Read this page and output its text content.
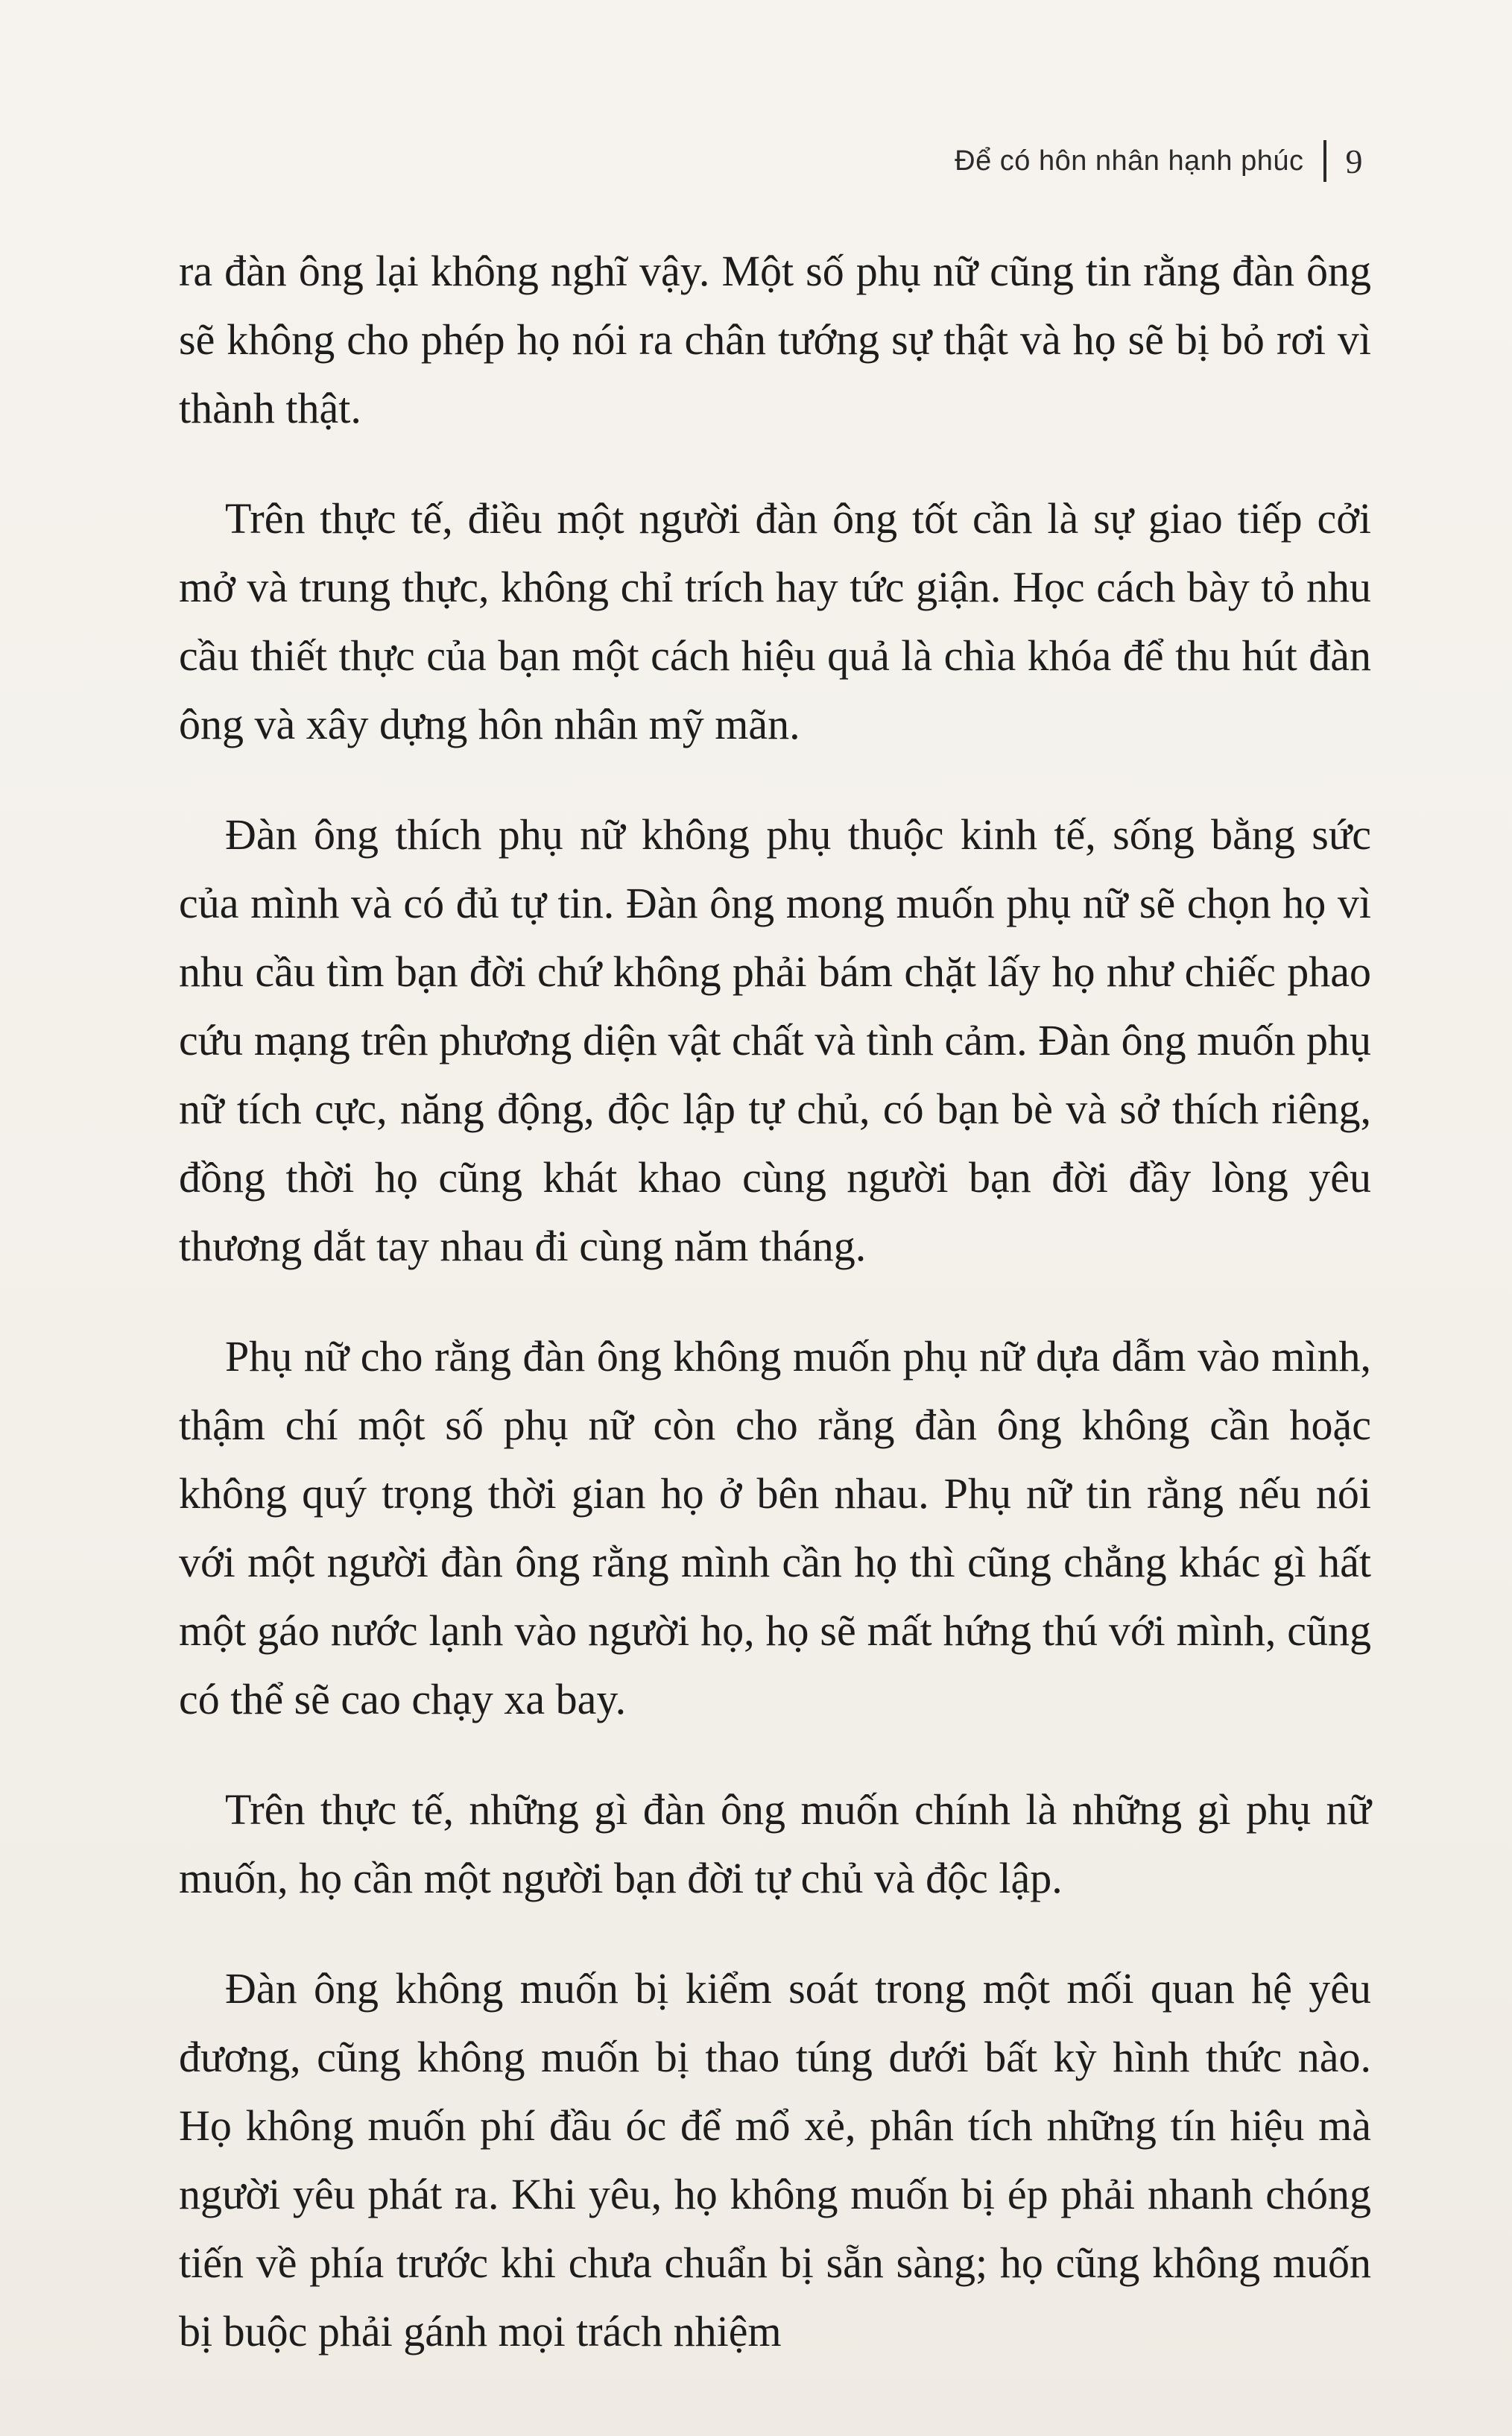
Để có hôn nhân hạnh phúc 9

ra đàn ông lại không nghĩ vậy. Một số phụ nữ cũng tin rằng đàn ông sẽ không cho phép họ nói ra chân tướng sự thật và họ sẽ bị bỏ rơi vì thành thật.

Trên thực tế, điều một người đàn ông tốt cần là sự giao tiếp cởi mở và trung thực, không chỉ trích hay tức giận. Học cách bày tỏ nhu cầu thiết thực của bạn một cách hiệu quả là chìa khóa để thu hút đàn ông và xây dựng hôn nhân mỹ mãn.

Đàn ông thích phụ nữ không phụ thuộc kinh tế, sống bằng sức của mình và có đủ tự tin. Đàn ông mong muốn phụ nữ sẽ chọn họ vì nhu cầu tìm bạn đời chứ không phải bám chặt lấy họ như chiếc phao cứu mạng trên phương diện vật chất và tình cảm. Đàn ông muốn phụ nữ tích cực, năng động, độc lập tự chủ, có bạn bè và sở thích riêng, đồng thời họ cũng khát khao cùng người bạn đời đầy lòng yêu thương dắt tay nhau đi cùng năm tháng.

Phụ nữ cho rằng đàn ông không muốn phụ nữ dựa dẫm vào mình, thậm chí một số phụ nữ còn cho rằng đàn ông không cần hoặc không quý trọng thời gian họ ở bên nhau. Phụ nữ tin rằng nếu nói với một người đàn ông rằng mình cần họ thì cũng chẳng khác gì hất một gáo nước lạnh vào người họ, họ sẽ mất hứng thú với mình, cũng có thể sẽ cao chạy xa bay.

Trên thực tế, những gì đàn ông muốn chính là những gì phụ nữ muốn, họ cần một người bạn đời tự chủ và độc lập.

Đàn ông không muốn bị kiểm soát trong một mối quan hệ yêu đương, cũng không muốn bị thao túng dưới bất kỳ hình thức nào. Họ không muốn phí đầu óc để mổ xẻ, phân tích những tín hiệu mà người yêu phát ra. Khi yêu, họ không muốn bị ép phải nhanh chóng tiến về phía trước khi chưa chuẩn bị sẵn sàng; họ cũng không muốn bị buộc phải gánh mọi trách nhiệm
